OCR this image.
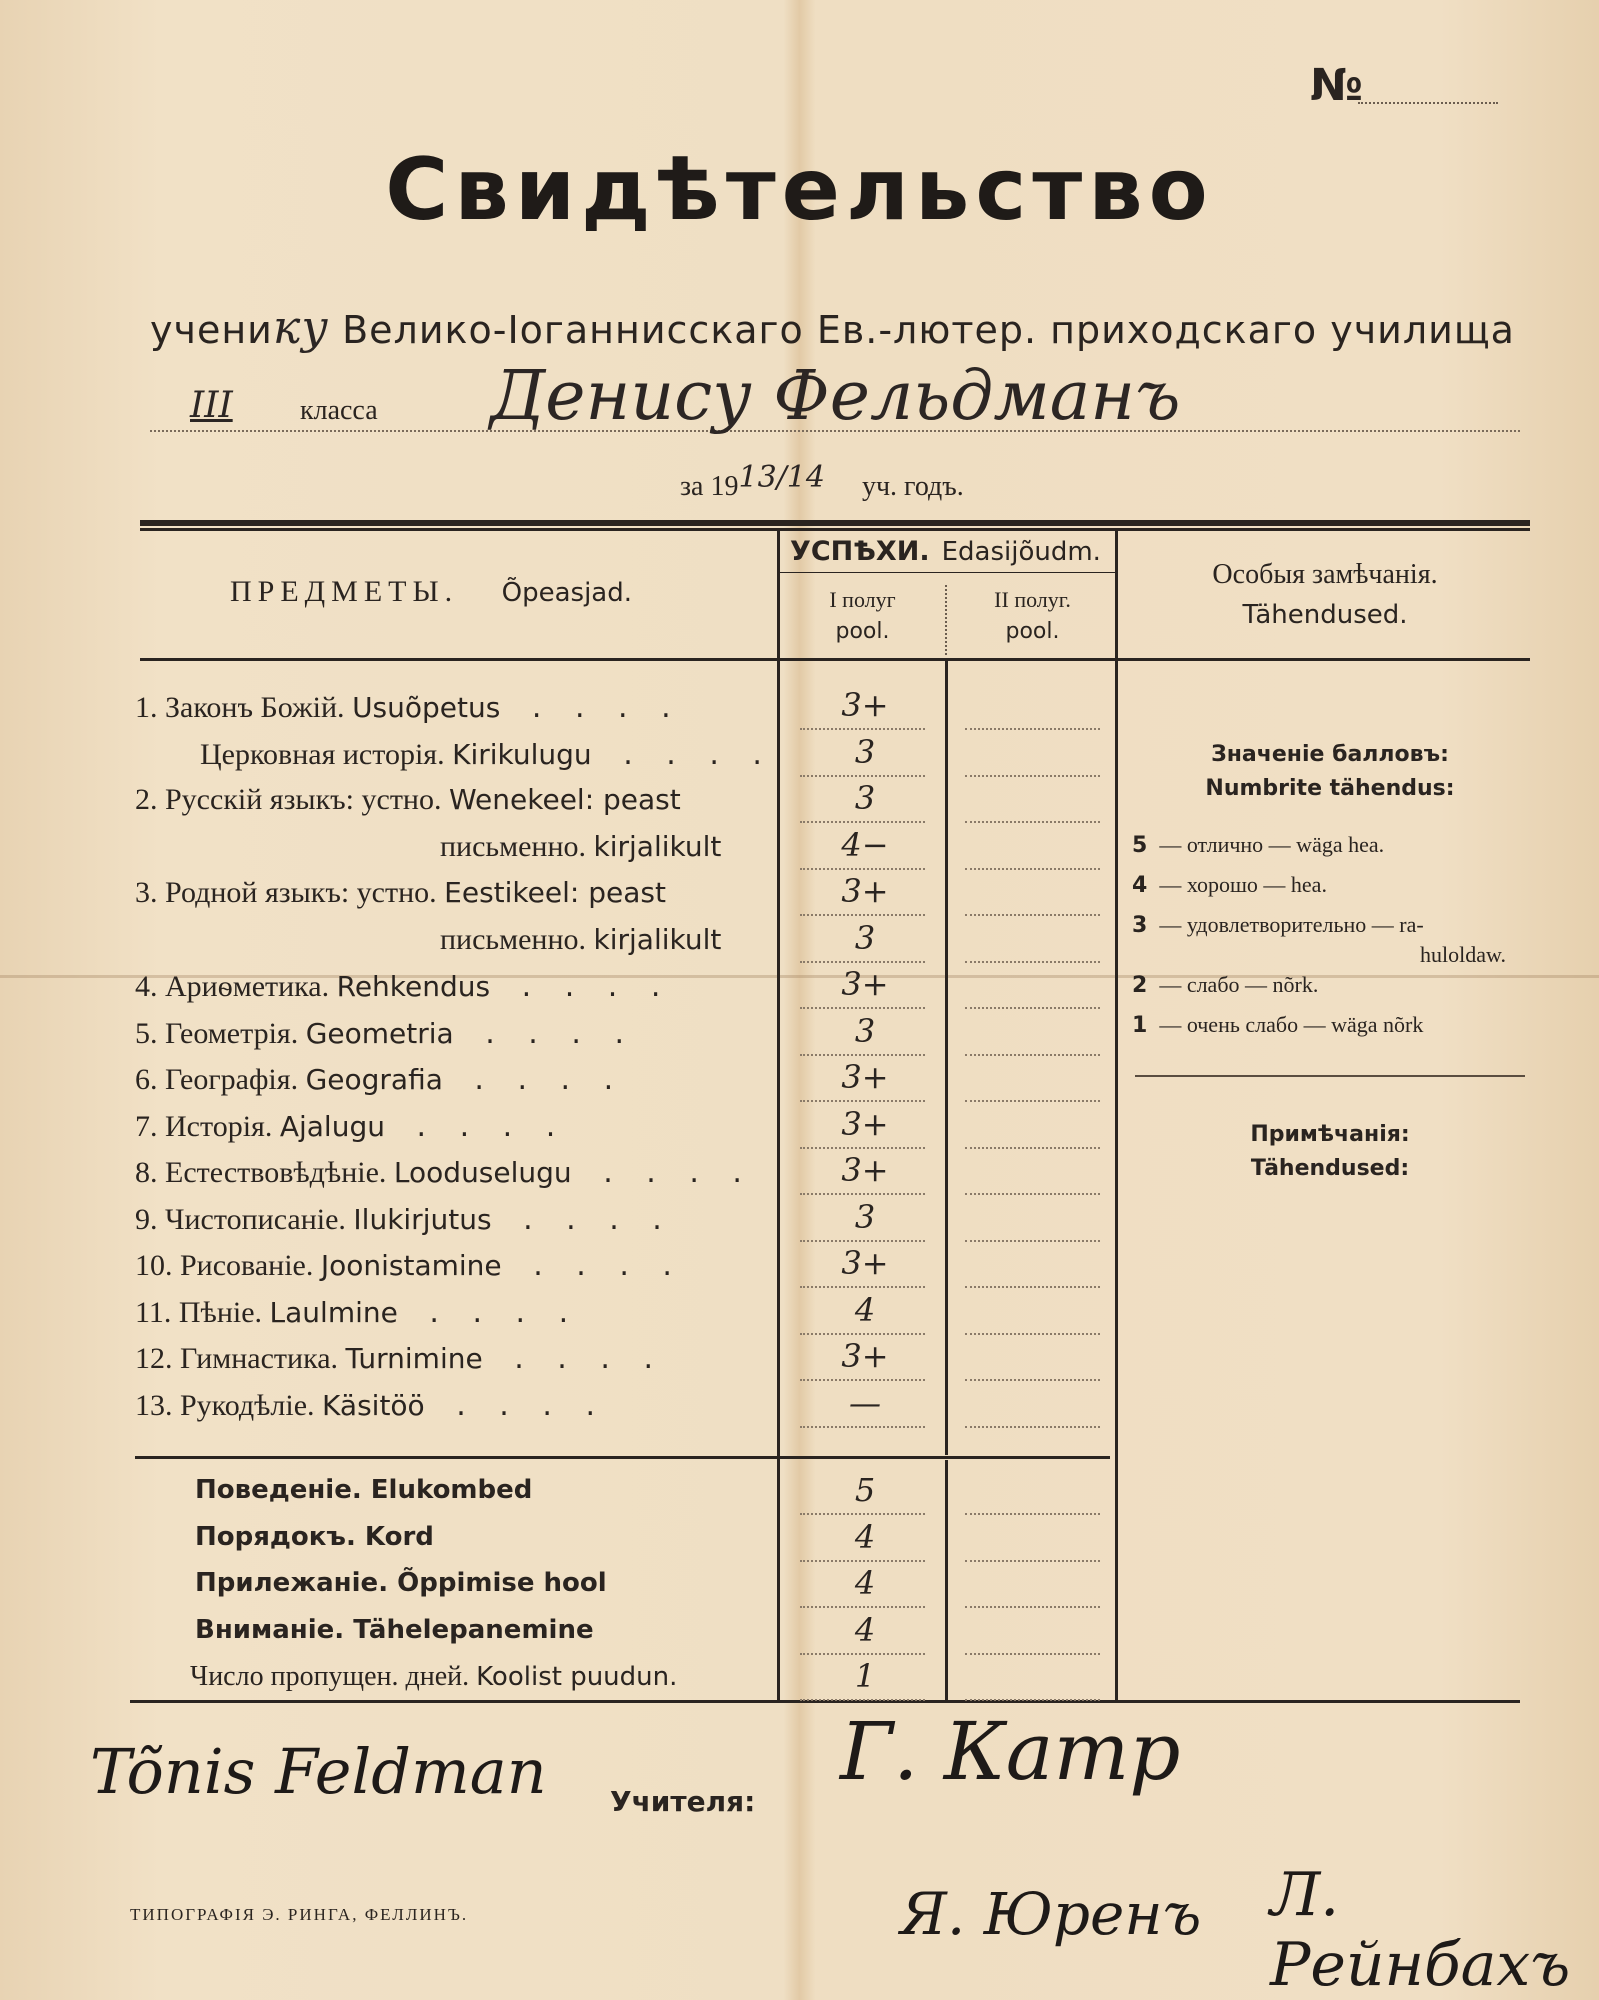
№
Свидѣтельство
ученику Велико-Іоганнисскаго Ев.-лютер. приходскаго училища
III класса Денису Фельдманъ
за 1913/14 уч. годъ.
ПРЕДМЕТЫ. Õpeasjad.
УСПѢХИ. Edasijõudm.
I полуг
pool.
II полуг.
pool.
Особыя замѣчанія.
Tähendused.
1. Законъ Божій. Usuõpetus . . . .	3+
Церковная исторія. Kirikulugu . . . .	3
2. Русскій языкъ: устно. Wenekeel: peast	3
письменно. kirjalikult	4−
3. Родной языкъ: устно. Eestikeel: peast	3+
письменно. kirjalikult	3
4. Ариѳметика. Rehkendus . . . .	3+
5. Геометрія. Geometria . . . .	3
6. Географія. Geografia . . . .	3+
7. Исторія. Ajalugu . . . .	3+
8. Естествовѣдѣніе. Looduselugu . . . .	3+
9. Чистописаніе. Ilukirjutus . . . .	3
10. Рисованіе. Joonistamine . . . .	3+
11. Пѣніе. Laulmine . . . .	4
12. Гимнастика. Turnimine . . . .	3+
13. Рукодѣліе. Käsitöö . . . .	—
Поведеніе. Elukombed	5
Порядокъ. Kord	4
Прилежаніе. Õppimise hool	4
Вниманіе. Tähelepanemine	4
Число пропущен. дней. Koolist puudun.	1
Значеніе балловъ:
Numbrite tähendus:
5 — отлично — wäga hea.
4 — хорошо — hea.
3 — удовлетворительно — ra-
huloldaw.
2 — слабо — nõrk.
1 — очень слабо — wäga nõrk
Примѣчанія:
Tähendused:
Tõnis Feldman Учителя:
Г. Катр
Я. Юренъ Л. Рейнбахъ
ТИПОГРАФІЯ Э. РИНГА, ФЕЛЛИНЪ.
